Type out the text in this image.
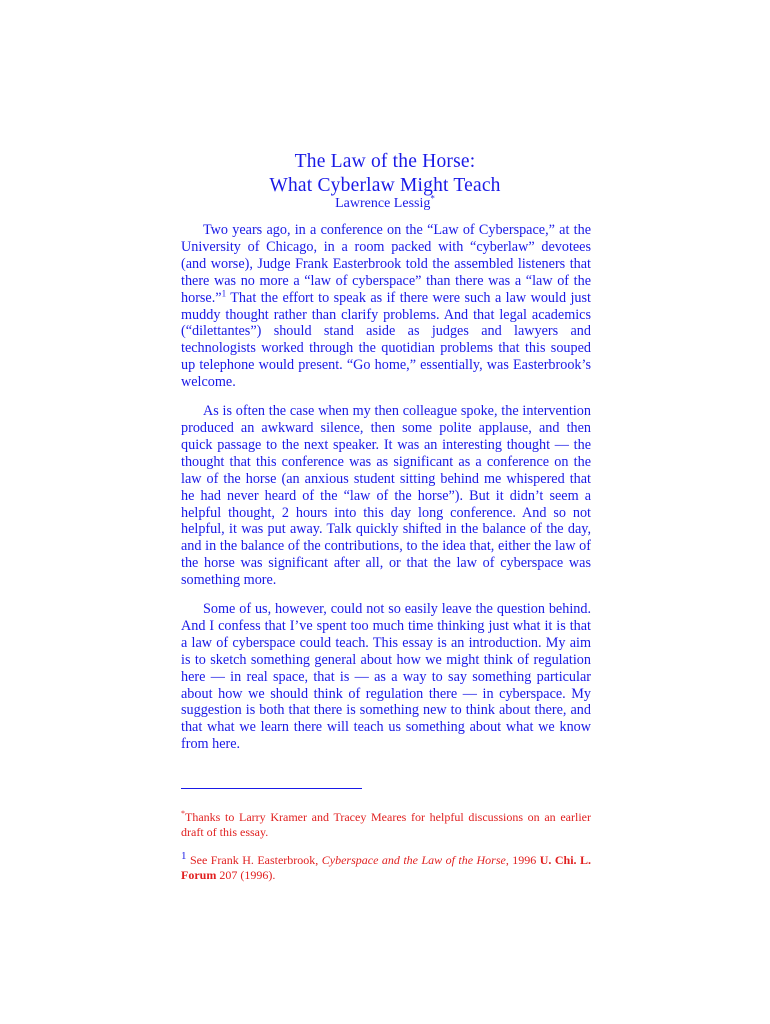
The Law of the Horse:
What Cyberlaw Might Teach
Lawrence Lessig*

Two years ago, in a conference on the “Law of Cyberspace,” at the University of Chicago, in a room packed with “cyberlaw” devotees (and worse), Judge Frank Easterbrook told the assembled listeners that there was no more a “law of cyberspace” than there was a “law of the horse.”$^1$ That the effort to speak as if there were such a law would just muddy thought rather than clarify problems. And that legal academics (“dilettantes”) should stand aside as judges and lawyers and technologists worked through the quotidian problems that this souped up telephone would present. “Go home,” essentially, was Easterbrook’s welcome.

As is often the case when my then colleague spoke, the intervention produced an awkward silence, then some polite applause, and then quick passage to the next speaker. It was an interesting thought — the thought that this conference was as significant as a conference on the law of the horse (an anxious student sitting behind me whispered that he had never heard of the “law of the horse”). But it didn’t seem a helpful thought, 2 hours into this day long conference. And so not helpful, it was put away. Talk quickly shifted in the balance of the day, and in the balance of the contributions, to the idea that, either the law of the horse was significant after all, or that the law of cyberspace was something more.

Some of us, however, could not so easily leave the question behind. And I confess that I’ve spent too much time thinking just what it is that a law of cyberspace could teach. This essay is an introduction. My aim is to sketch something general about how we might think of regulation here — in real space, that is — as a way to say something particular about how we should think of regulation there — in cyberspace. My suggestion is both that there is something new to think about there, and that what we learn there will teach us something about what we know from here.

*Thanks to Larry Kramer and Tracey Meares for helpful discussions on an earlier draft of this essay.

1 See Frank H. Easterbrook, Cyberspace and the Law of the Horse, 1996 U. Chi. L. Forum 207 (1996).
